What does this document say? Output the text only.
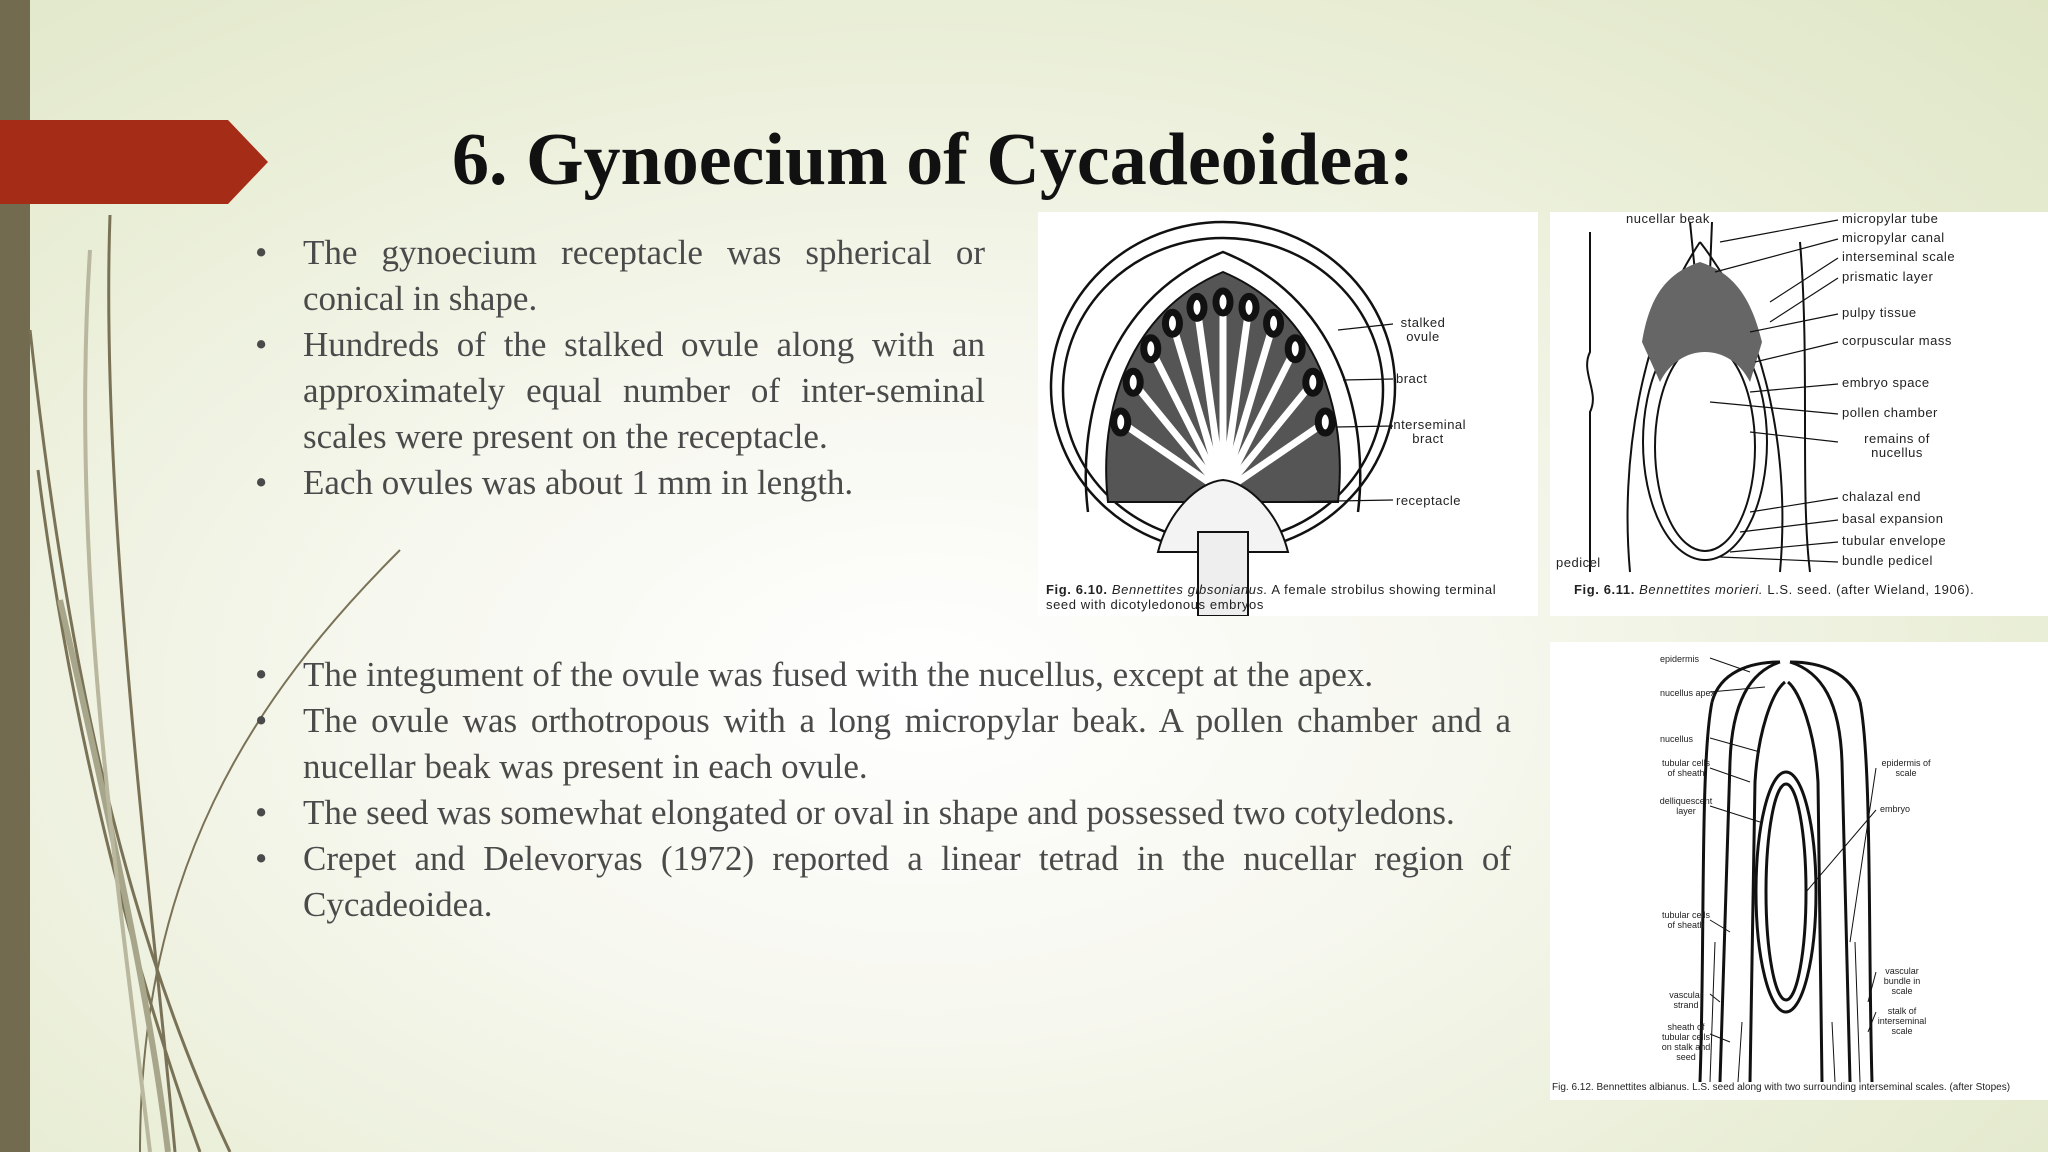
6. Gynoecium of Cycadeoidea:
• The gynoecium receptacle was spherical or conical in shape.
• Hundreds of the stalked ovule along with an approximately equal number of inter-seminal scales were present on the receptacle.
• Each ovules was about 1 mm in length.
• The integument of the ovule was fused with the nucellus, except at the apex.
• The ovule was orthotropous with a long micropylar beak. A pollen chamber and a nucellar beak was present in each ovule.
• The seed was somewhat elongated or oval in shape and possessed two cotyledons.
• Crepet and Delevoryas (1972) reported a linear tetrad in the nucellar region of Cycadeoidea.
stalked ovule
bract
interseminal bract
receptacle
Fig. 6.10. Bennettites gibsonianus. A female strobilus showing terminal seed with dicotyledonous embryos
nucellar beak	micropylar tube
micropylar canal
interseminal scale
prismatic layer
pulpy tissue
corpuscular mass
embryo space
pollen chamber
remains of nucellus
chalazal end
basal expansion
tubular envelope
bundle pedicel
pedicel
Fig. 6.11. Bennettites morieri. L.S. seed. (after Wieland, 1906).
epidermis
nucellus apex
nucellus
tubular cells of sheath
delliquescent layer
epidermis of scale
embryo
tubular cells of sheath
vascular strand
sheath of tubular cells on stalk and seed
vascular bundle in scale
stalk of interseminal scale
Fig. 6.12. Bennettites albianus. L.S. seed along with two surrounding interseminal scales. (after Stopes)
